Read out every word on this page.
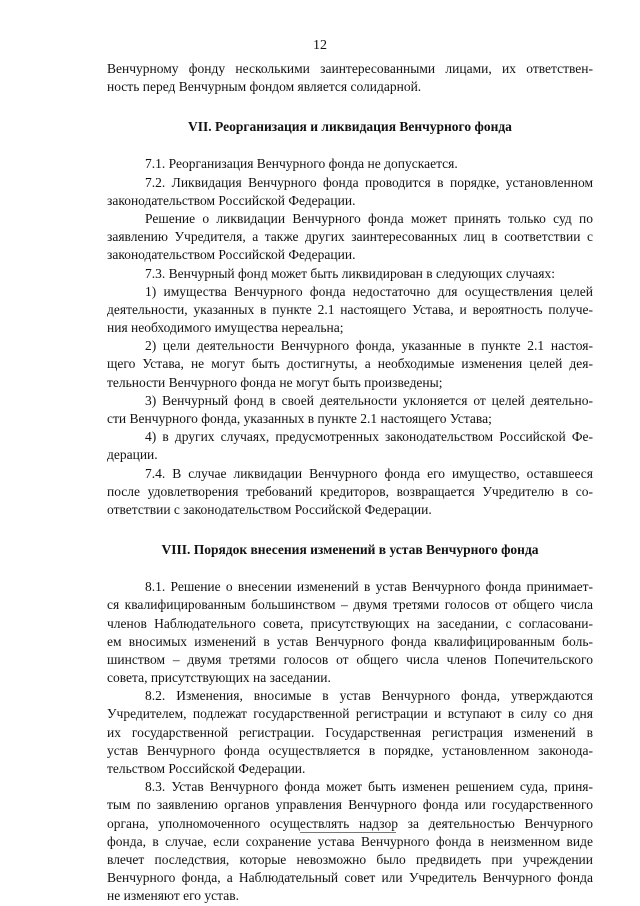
12
Венчурному фонду несколькими заинтересованными лицами, их ответствен-
ность перед Венчурным фондом является солидарной.
VII. Реорганизация и ликвидация Венчурного фонда
7.1. Реорганизация Венчурного фонда не допускается.
7.2. Ликвидация Венчурного фонда проводится в порядке, установленном
законодательством Российской Федерации.
Решение о ликвидации Венчурного фонда может принять только суд по
заявлению Учредителя, а также других заинтересованных лиц в соответствии с
законодательством Российской Федерации.
7.3. Венчурный фонд может быть ликвидирован в следующих случаях:
1) имущества Венчурного фонда недостаточно для осуществления целей
деятельности, указанных в пункте 2.1 настоящего Устава, и вероятность получе-
ния необходимого имущества нереальна;
2) цели деятельности Венчурного фонда, указанные в пункте 2.1 настоя-
щего Устава, не могут быть достигнуты, а необходимые изменения целей дея-
тельности Венчурного фонда не могут быть произведены;
3) Венчурный фонд в своей деятельности уклоняется от целей деятельно-
сти Венчурного фонда, указанных в пункте 2.1 настоящего Устава;
4) в других случаях, предусмотренных законодательством Российской Фе-
дерации.
7.4. В случае ликвидации Венчурного фонда его имущество, оставшееся
после удовлетворения требований кредиторов, возвращается Учредителю в со-
ответствии с законодательством Российской Федерации.
VIII. Порядок внесения изменений в устав Венчурного фонда
8.1. Решение о внесении изменений в устав Венчурного фонда принимает-
ся квалифицированным большинством – двумя третями голосов от общего числа
членов Наблюдательного совета, присутствующих на заседании, с согласовани-
ем вносимых изменений в устав Венчурного фонда квалифицированным боль-
шинством – двумя третями голосов от общего числа членов Попечительского
совета, присутствующих на заседании.
8.2. Изменения, вносимые в устав Венчурного фонда, утверждаются
Учредителем, подлежат государственной регистрации и вступают в силу со дня
их государственной регистрации. Государственная регистрация изменений в
устав Венчурного фонда осуществляется в порядке, установленном законода-
тельством Российской Федерации.
8.3. Устав Венчурного фонда может быть изменен решением суда, приня-
тым по заявлению органов управления Венчурного фонда или государственного
органа, уполномоченного осуществлять надзор за деятельностью Венчурного
фонда, в случае, если сохранение устава Венчурного фонда в неизменном виде
влечет последствия, которые невозможно было предвидеть при учреждении
Венчурного фонда, а Наблюдательный совет или Учредитель Венчурного фонда
не изменяют его устав.
